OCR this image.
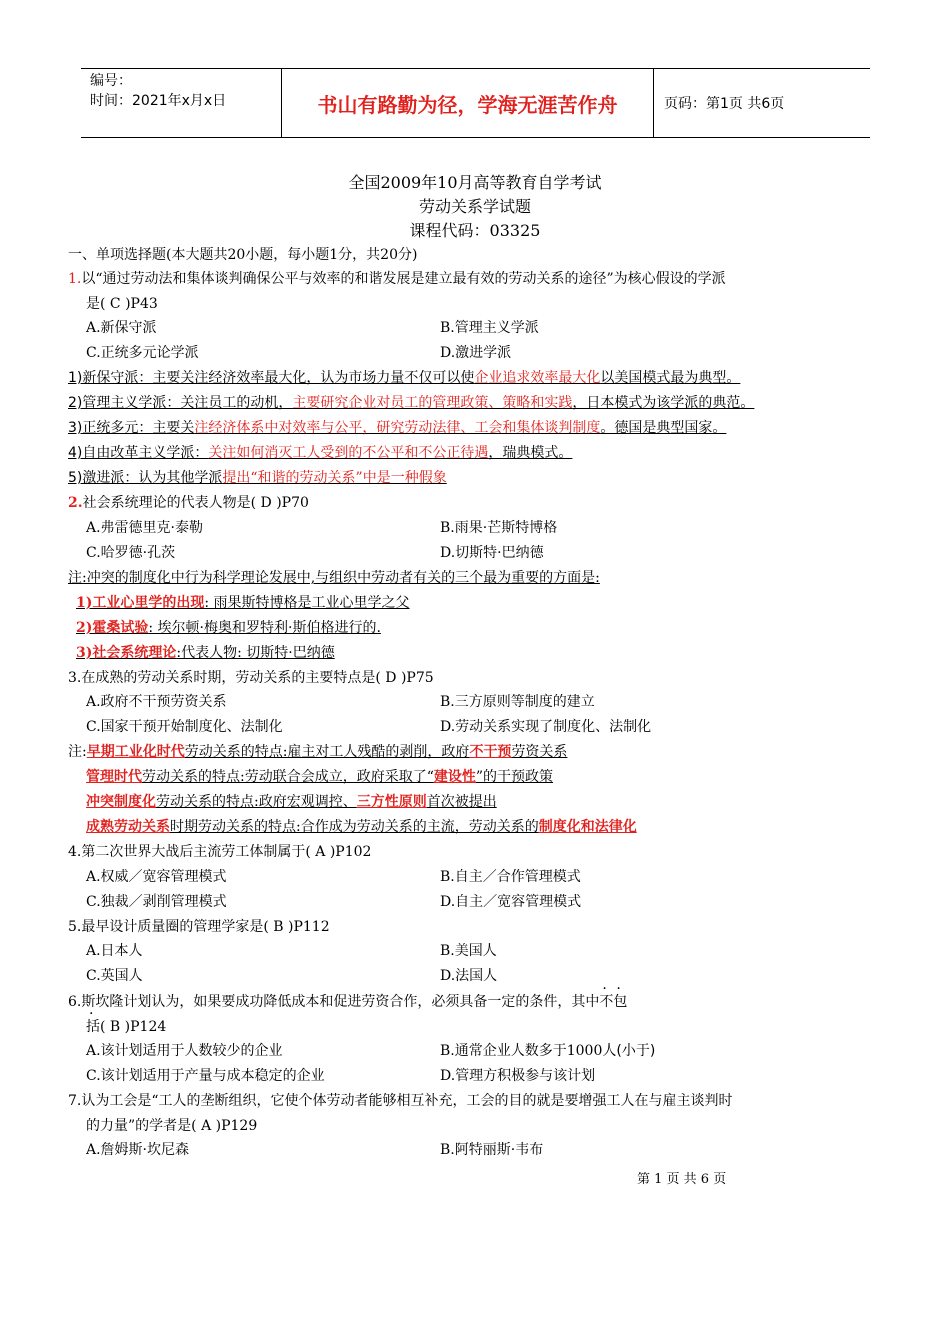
编号：
时间：2021年x月x日	书山有路勤为径，学海无涯苦作舟	页码：第1页 共6页
全国2009年10月高等教育自学考试
劳动关系学试题
课程代码：03325
一、单项选择题(本大题共20小题，每小题1分，共20分)
1.以“通过劳动法和集体谈判确保公平与效率的和谐发展是建立最有效的劳动关系的途径”为核心假设的学派
是( C )P43
A.新保守派	B.管理主义学派
C.正统多元论学派	D.激进学派
1)新保守派：主要关注经济效率最大化，认为市场力量不仅可以使企业追求效率最大化以美国模式最为典型。
2)管理主义学派：关注员工的动机，主要研究企业对员工的管理政策、策略和实践，日本模式为该学派的典范。
3)正统多元：主要关注经济体系中对效率与公平，研究劳动法律、工会和集体谈判制度。德国是典型国家。
4)自由改革主义学派：关注如何消灭工人受到的不公平和不公正待遇，瑞典模式。
5)激进派：认为其他学派提出“和谐的劳动关系”中是一种假象
2.社会系统理论的代表人物是( D )P70
A.弗雷德里克·泰勒	B.雨果·芒斯特博格
C.哈罗德·孔茨	D.切斯特·巴纳德
注:冲突的制度化中行为科学理论发展中,与组织中劳动者有关的三个最为重要的方面是:
1)工业心里学的出现: 雨果斯特博格是工业心里学之父
2)霍桑试验: 埃尔顿·梅奥和罗特利·斯伯格进行的.
3)社会系统理论:代表人物: 切斯特·巴纳德
3.在成熟的劳动关系时期，劳动关系的主要特点是( D )P75
A.政府不干预劳资关系	B.三方原则等制度的建立
C.国家干预开始制度化、法制化	D.劳动关系实现了制度化、法制化
注:早期工业化时代劳动关系的特点:雇主对工人残酷的剥削，政府不干预劳资关系
管理时代劳动关系的特点:劳动联合会成立，政府采取了“建设性”的干预政策
冲突制度化劳动关系的特点:政府宏观调控、三方性原则首次被提出
成熟劳动关系时期劳动关系的特点:合作成为劳动关系的主流，劳动关系的制度化和法律化
4.第二次世界大战后主流劳工体制属于( A )P102
A.权威／宽容管理模式	B.自主／合作管理模式
C.独裁／剥削管理模式	D.自主／宽容管理模式
5.最早设计质量圈的管理学家是( B )P112
A.日本人	B.美国人
C.英国人	D.法国人
6.斯坎隆计划认为，如果要成功降低成本和促进劳资合作，必须具备一定的条件，其中不包
括( B )P124
A.该计划适用于人数较少的企业	B.通常企业人数多于1000人(小于)
C.该计划适用于产量与成本稳定的企业	D.管理方积极参与该计划
7.认为工会是“工人的垄断组织，它使个体劳动者能够相互补充，工会的目的就是要增强工人在与雇主谈判时
的力量”的学者是( A )P129
A.詹姆斯·坎尼森	B.阿特丽斯·韦布
第 1 页 共 6 页
